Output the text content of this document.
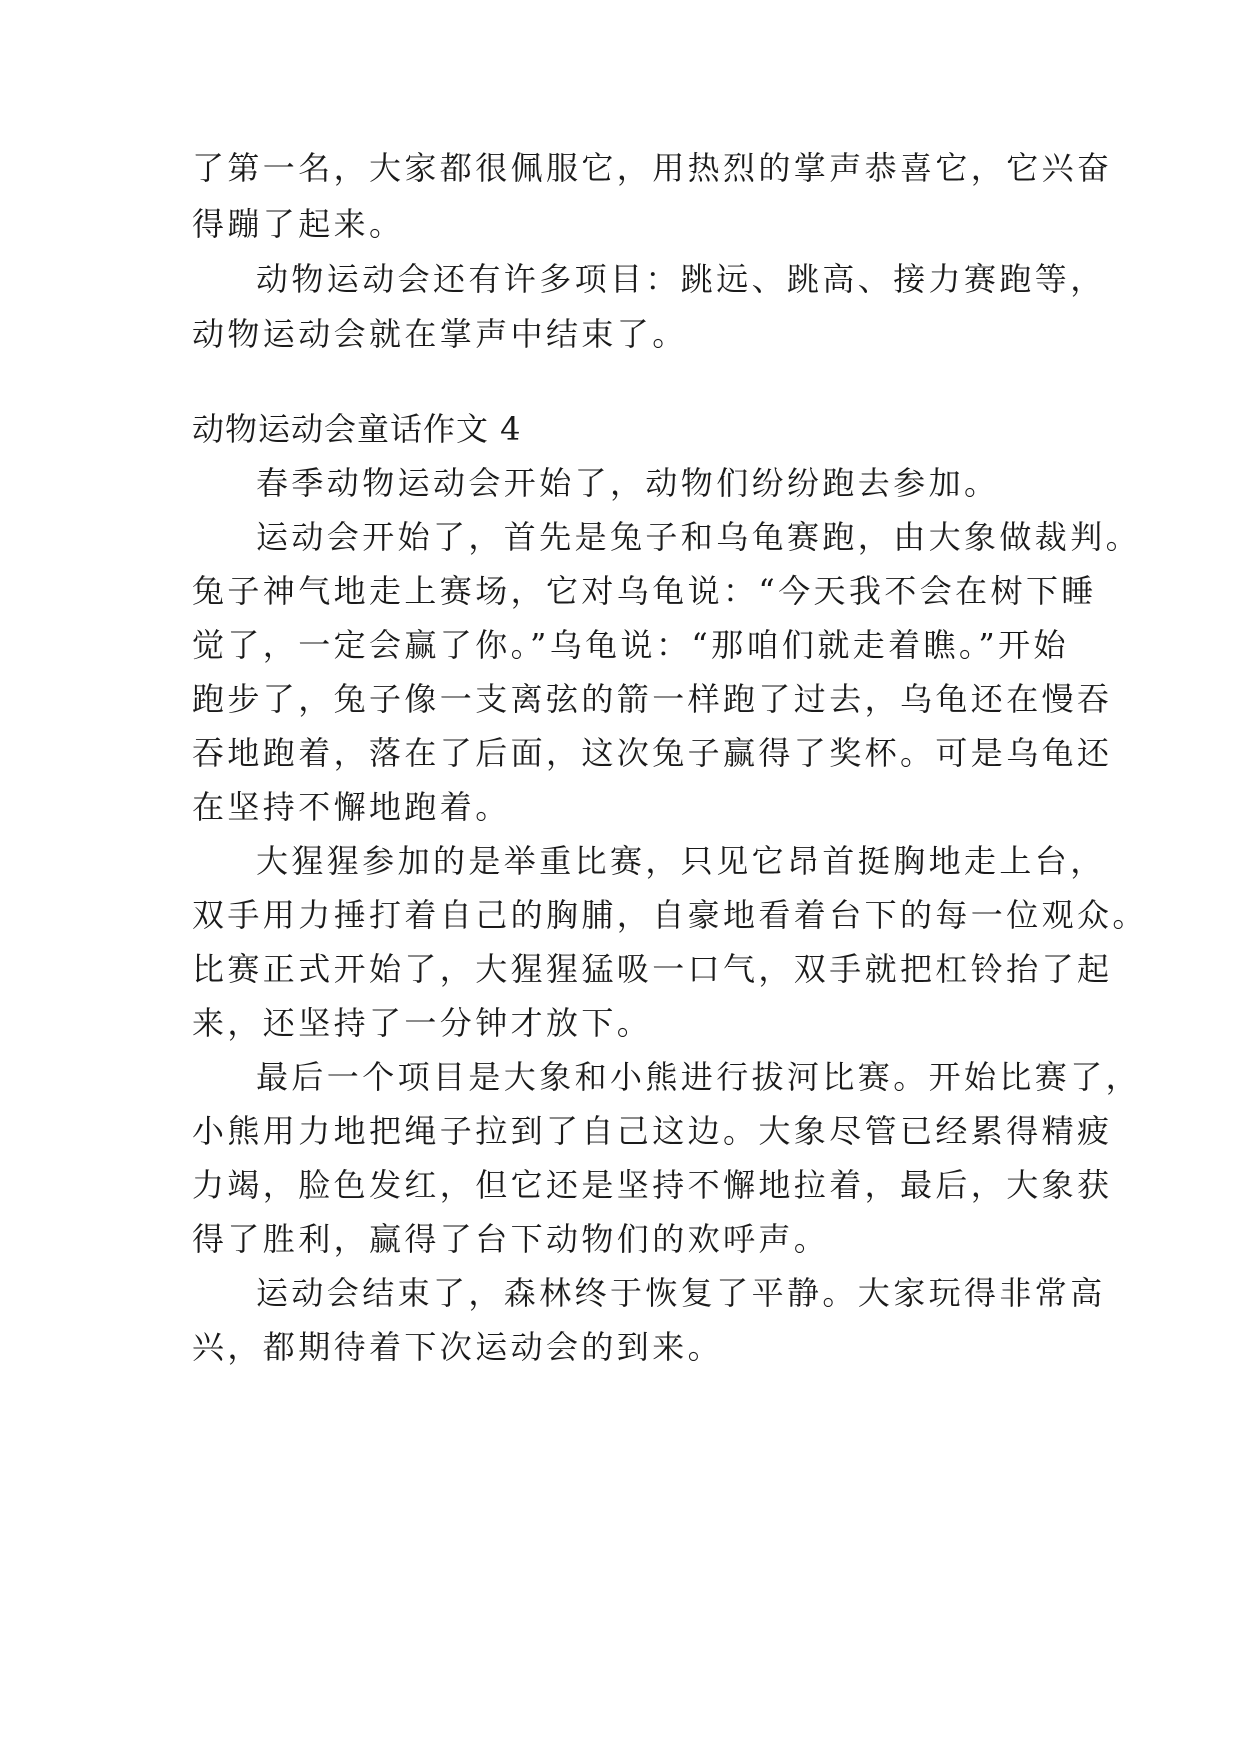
了第一名，大家都很佩服它，用热烈的掌声恭喜它，它兴奋
得蹦了起来。
动物运动会还有许多项目：跳远、跳高、接力赛跑等，
动物运动会就在掌声中结束了。
动物运动会童话作文 4
春季动物运动会开始了，动物们纷纷跑去参加。
运动会开始了，首先是兔子和乌龟赛跑，由大象做裁判。
兔子神气地走上赛场，它对乌龟说：“今天我不会在树下睡
觉了，一定会赢了你。”乌龟说：“那咱们就走着瞧。”开始
跑步了，兔子像一支离弦的箭一样跑了过去，乌龟还在慢吞
吞地跑着，落在了后面，这次兔子赢得了奖杯。可是乌龟还
在坚持不懈地跑着。
大猩猩参加的是举重比赛，只见它昂首挺胸地走上台，
双手用力捶打着自己的胸脯，自豪地看着台下的每一位观众。
比赛正式开始了，大猩猩猛吸一口气，双手就把杠铃抬了起
来，还坚持了一分钟才放下。
最后一个项目是大象和小熊进行拔河比赛。开始比赛了，
小熊用力地把绳子拉到了自己这边。大象尽管已经累得精疲
力竭，脸色发红，但它还是坚持不懈地拉着，最后，大象获
得了胜利，赢得了台下动物们的欢呼声。
运动会结束了，森林终于恢复了平静。大家玩得非常高
兴，都期待着下次运动会的到来。
